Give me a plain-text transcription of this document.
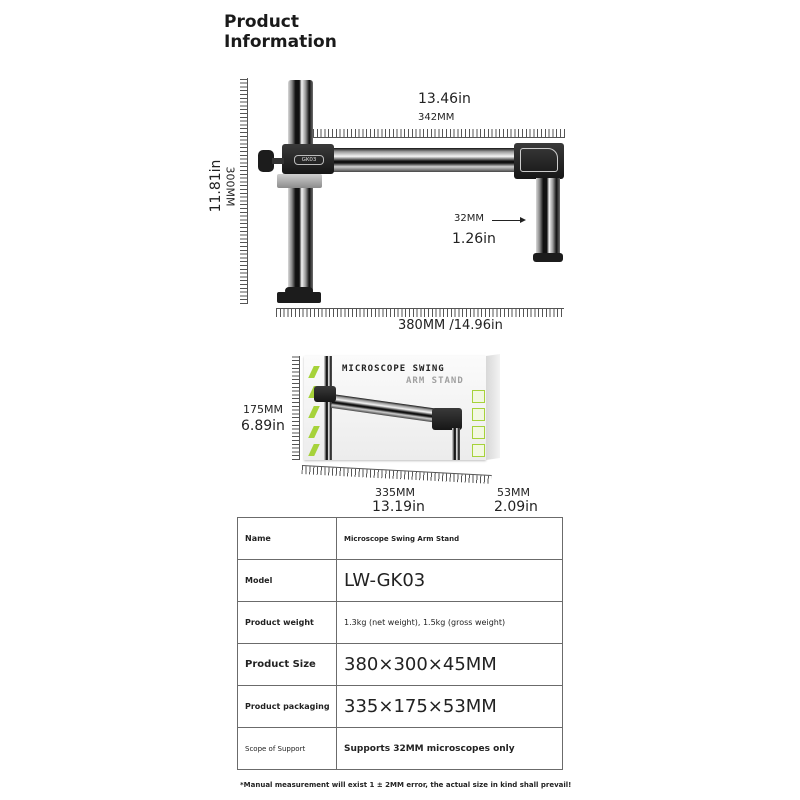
Product
Information
11.81in 300MM
13.46in
342MM
GK03
32MM
1.26in
380MM /14.96in
175MM
6.89in
MICROSCOPE SWING
ARM STAND
335MM
13.19in
53MM
2.09in
Name	Microscope Swing Arm Stand
Model	LW-GK03
Product weight	1.3kg (net weight), 1.5kg (gross weight)
Product Size	380×300×45MM
Product packaging	335×175×53MM
Scope of Support	Supports 32MM microscopes only
*Manual measurement will exist 1 ± 2MM error, the actual size in kind shall prevail!
